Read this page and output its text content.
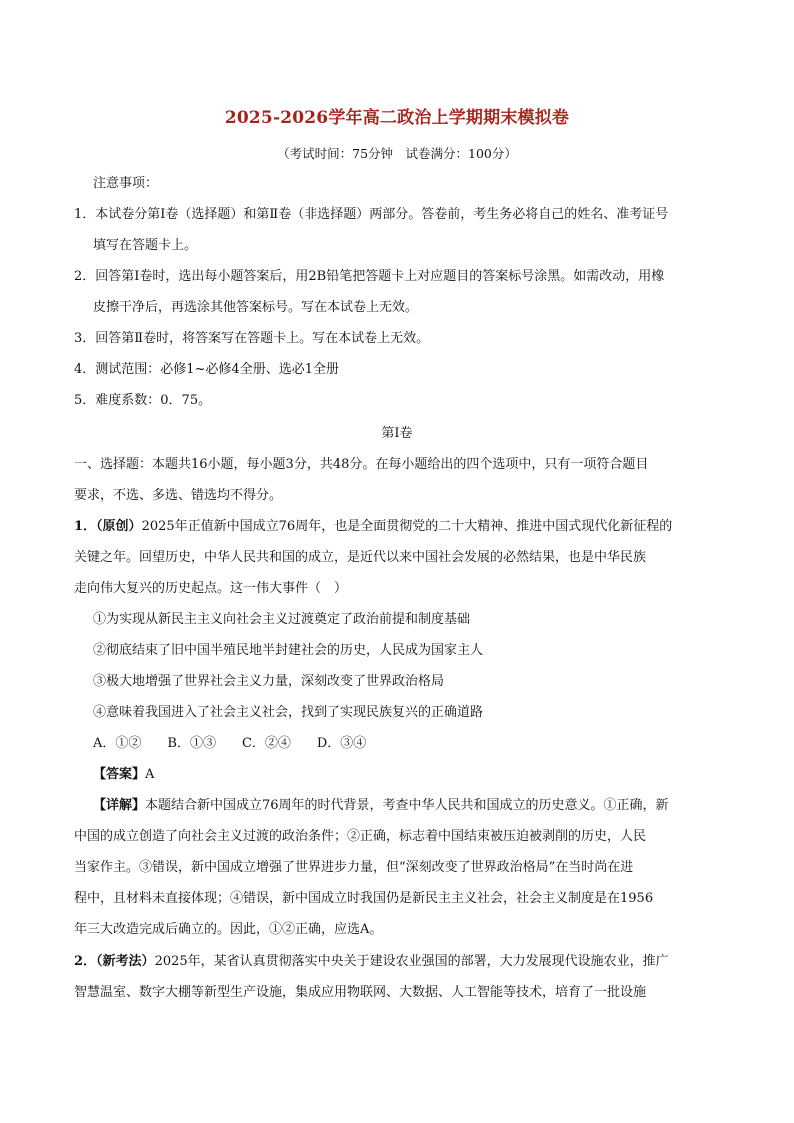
2025-2026学年高二政治上学期期末模拟卷
（考试时间：75分钟　试卷满分：100分）
注意事项：
1．本试卷分第Ⅰ卷（选择题）和第Ⅱ卷（非选择题）两部分。答卷前，考生务必将自己的姓名、准考证号
填写在答题卡上。
2．回答第Ⅰ卷时，选出每小题答案后，用2B铅笔把答题卡上对应题目的答案标号涂黑。如需改动，用橡
皮擦干净后，再选涂其他答案标号。写在本试卷上无效。
3．回答第Ⅱ卷时，将答案写在答题卡上。写在本试卷上无效。
4．测试范围：必修1~必修4全册、选必1全册
5．难度系数：0．75。
第Ⅰ卷
一、选择题：本题共16小题，每小题3分，共48分。在每小题给出的四个选项中，只有一项符合题目
要求，不选、多选、错选均不得分。
1．（原创）2025年正值新中国成立76周年，也是全面贯彻党的二十大精神、推进中国式现代化新征程的
关键之年。回望历史，中华人民共和国的成立，是近代以来中国社会发展的必然结果，也是中华民族
走向伟大复兴的历史起点。这一伟大事件（　）
①为实现从新民主主义向社会主义过渡奠定了政治前提和制度基础
②彻底结束了旧中国半殖民地半封建社会的历史，人民成为国家主人
③极大地增强了世界社会主义力量，深刻改变了世界政治格局
④意味着我国进入了社会主义社会，找到了实现民族复兴的正确道路
A．①②　　B．①③　　C．②④　　D．③④
【答案】A
【详解】本题结合新中国成立76周年的时代背景，考查中华人民共和国成立的历史意义。①正确，新
中国的成立创造了向社会主义过渡的政治条件；②正确，标志着中国结束被压迫被剥削的历史，人民
当家作主。③错误，新中国成立增强了世界进步力量，但“深刻改变了世界政治格局”在当时尚在进
程中，且材料未直接体现；④错误，新中国成立时我国仍是新民主主义社会，社会主义制度是在1956
年三大改造完成后确立的。因此，①②正确，应选A。
2．（新考法）2025年，某省认真贯彻落实中央关于建设农业强国的部署，大力发展现代设施农业，推广
智慧温室、数字大棚等新型生产设施，集成应用物联网、大数据、人工智能等技术，培育了一批设施
